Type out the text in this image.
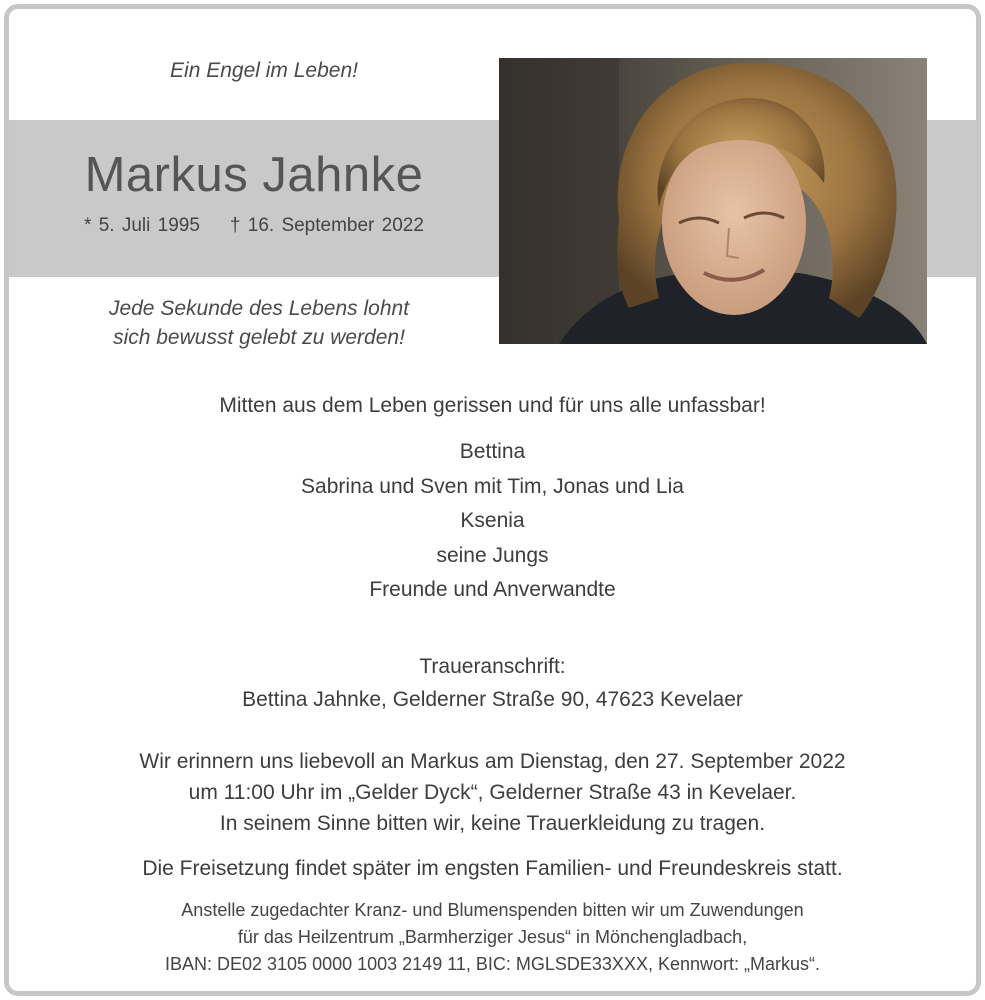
Ein Engel im Leben!
Markus Jahnke
* 5. Juli 1995 † 16. September 2022
Jede Sekunde des Lebens lohnt
sich bewusst gelebt zu werden!
Mitten aus dem Leben gerissen und für uns alle unfassbar!
Bettina
Sabrina und Sven mit Tim, Jonas und Lia
Ksenia
seine Jungs
Freunde und Anverwandte
Traueranschrift:
Bettina Jahnke, Gelderner Straße 90, 47623 Kevelaer
Wir erinnern uns liebevoll an Markus am Dienstag, den 27. September 2022
um 11:00 Uhr im „Gelder Dyck“, Gelderner Straße 43 in Kevelaer.
In seinem Sinne bitten wir, keine Trauerkleidung zu tragen.
Die Freisetzung findet später im engsten Familien- und Freundeskreis statt.
Anstelle zugedachter Kranz- und Blumenspenden bitten wir um Zuwendungen
für das Heilzentrum „Barmherziger Jesus“ in Mönchengladbach,
IBAN: DE02 3105 0000 1003 2149 11, BIC: MGLSDE33XXX, Kennwort: „Markus“.
